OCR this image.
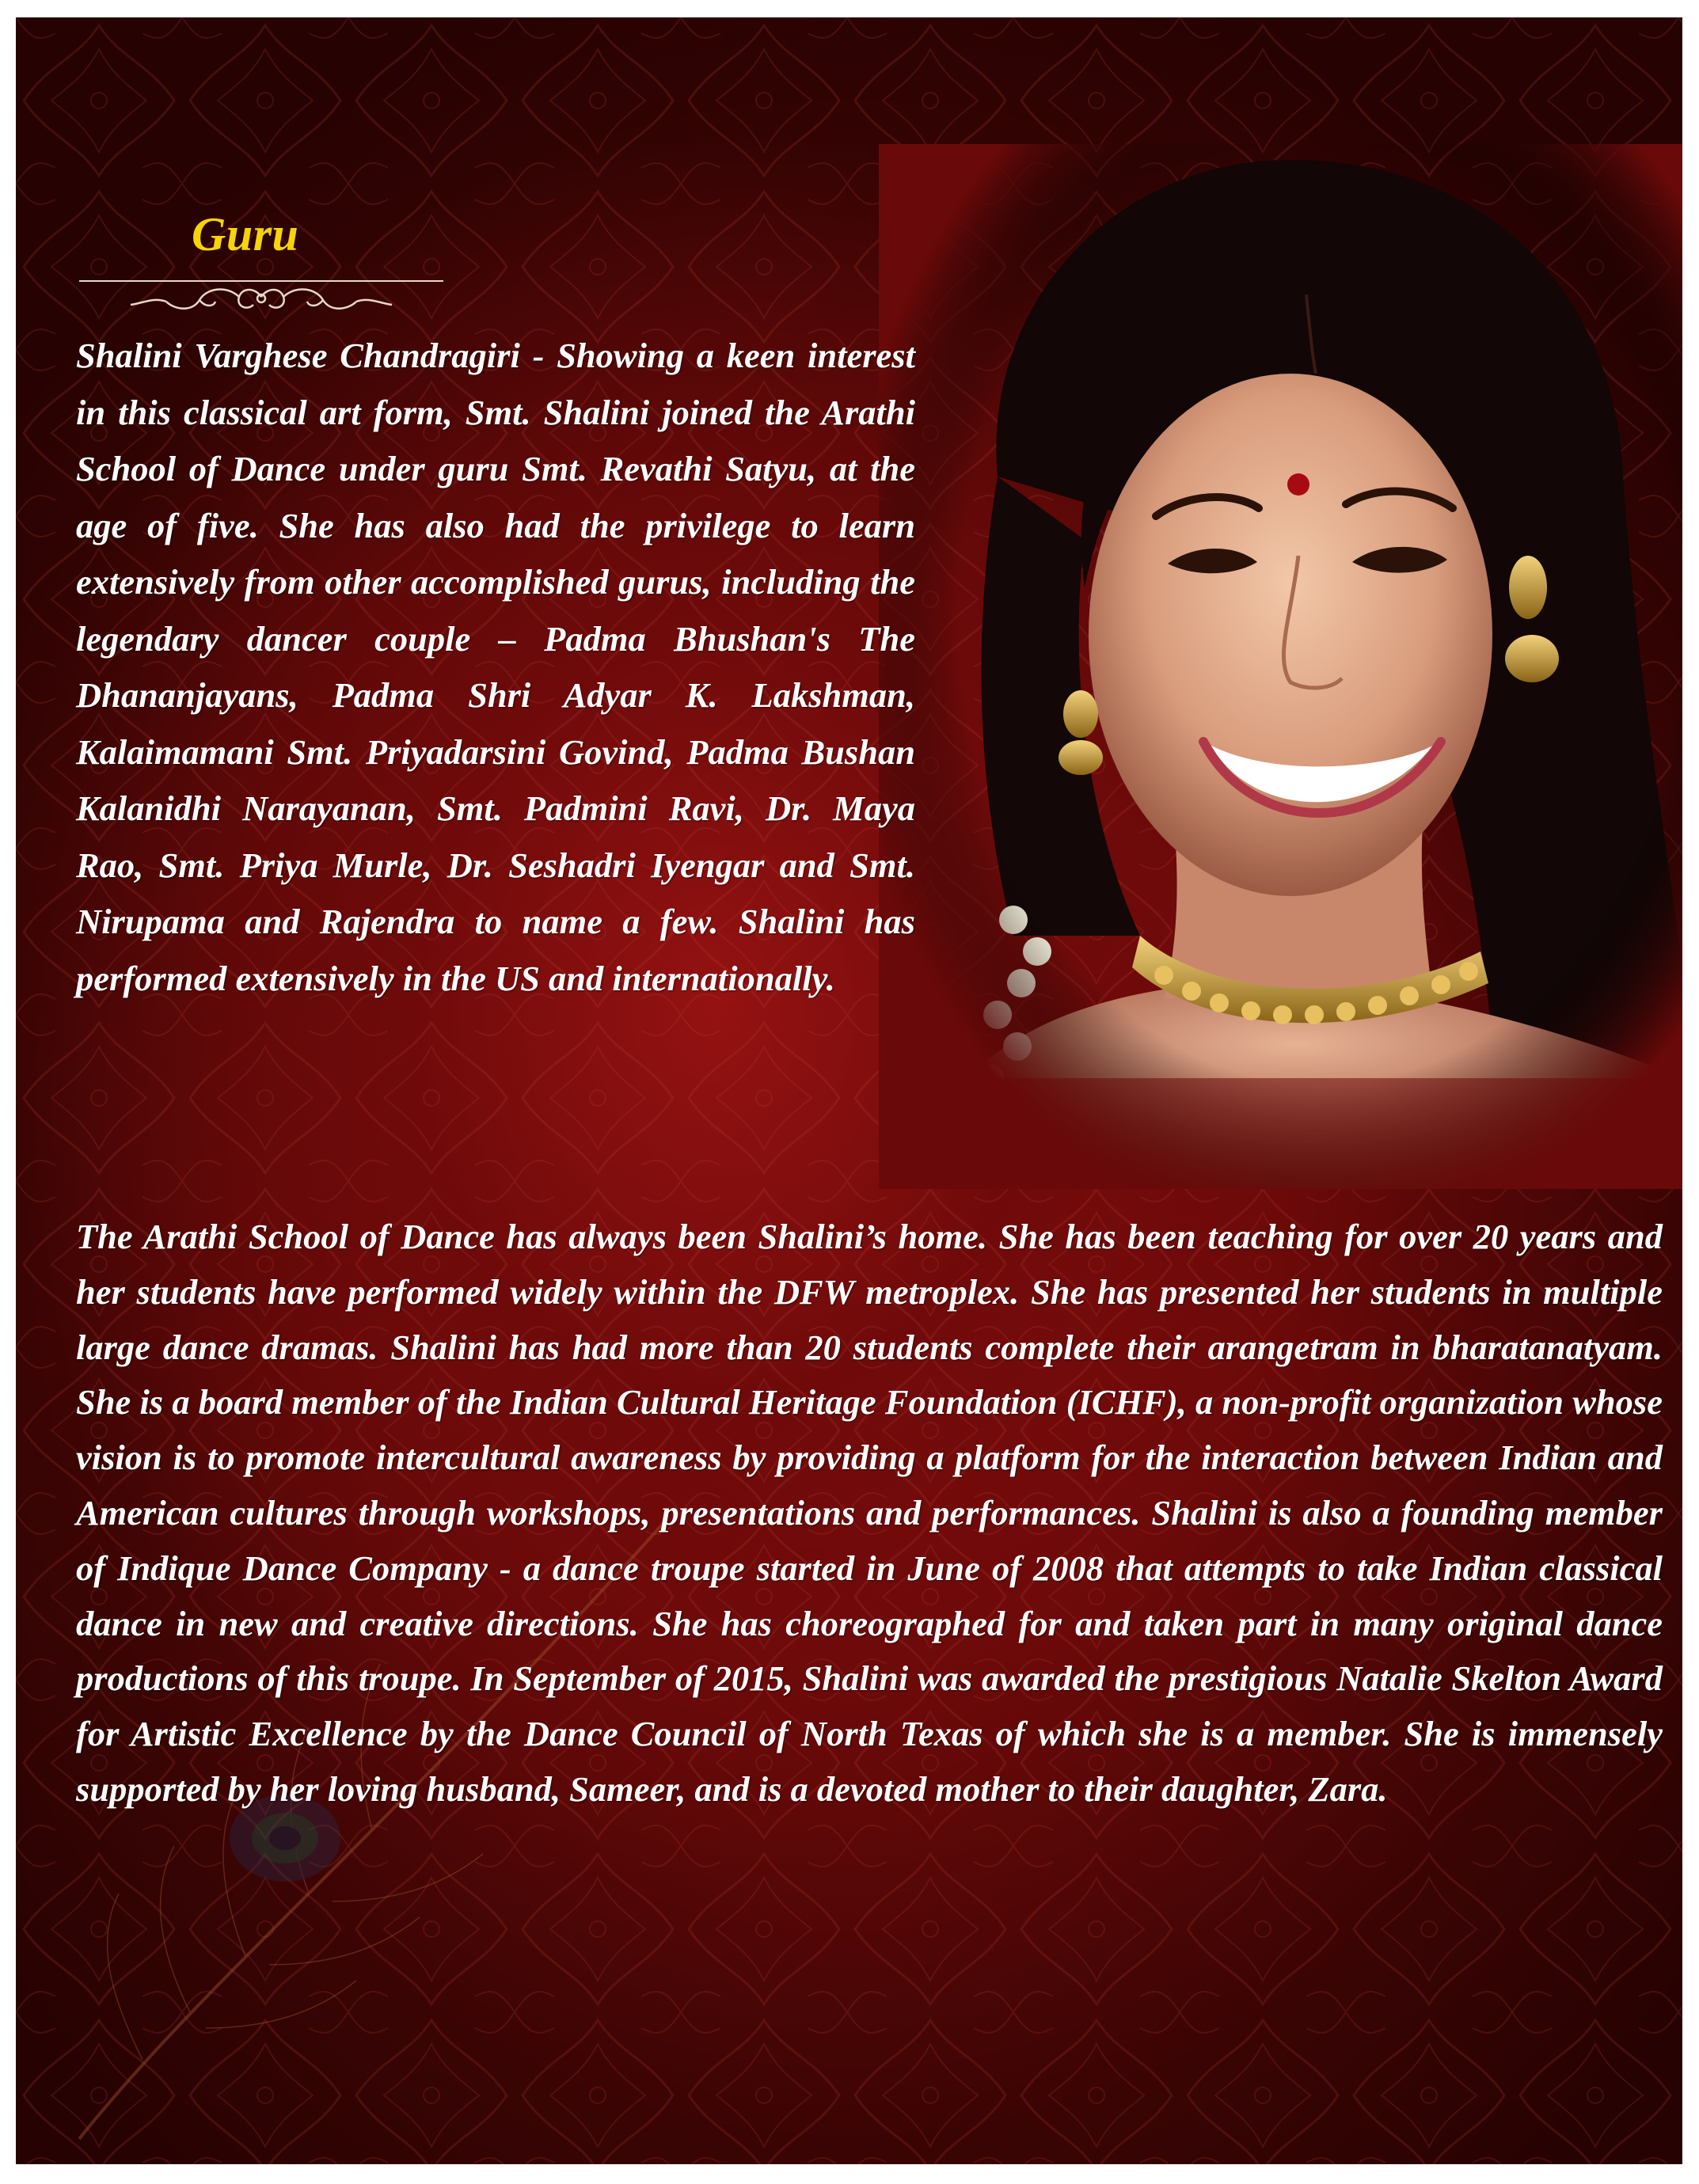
Guru

Shalini Varghese Chandragiri - Showing a keen interest in this classical art form, Smt. Shalini joined the Arathi School of Dance under guru Smt. Revathi Satyu, at the age of five. She has also had the privilege to learn extensively from other accomplished gurus, including the legendary dancer couple – Padma Bhushan's The Dhananjayans, Padma Shri Adyar K. Lakshman, Kalaimamani Smt. Priyadarsini Govind, Padma Bushan Kalanidhi Narayanan, Smt. Padmini Ravi, Dr. Maya Rao, Smt. Priya Murle, Dr. Seshadri Iyengar and Smt. Nirupama and Rajendra to name a few. Shalini has performed extensively in the US and internationally.

The Arathi School of Dance has always been Shalini’s home. She has been teaching for over 20 years and her students have performed widely within the DFW metroplex. She has presented her students in multiple large dance dramas. Shalini has had more than 20 students complete their arangetram in bharatanatyam. She is a board member of the Indian Cultural Heritage Foundation (ICHF), a non-profit organization whose vision is to promote intercultural awareness by providing a platform for the interaction between Indian and American cultures through workshops, presentations and performances. Shalini is also a founding member of Indique Dance Company - a dance troupe started in June of 2008 that attempts to take Indian classical dance in new and creative directions. She has choreographed for and taken part in many original dance productions of this troupe. In September of 2015, Shalini was awarded the prestigious Natalie Skelton Award for Artistic Excellence by the Dance Council of North Texas of which she is a member. She is immensely supported by her loving husband, Sameer, and is a devoted mother to their daughter, Zara.
